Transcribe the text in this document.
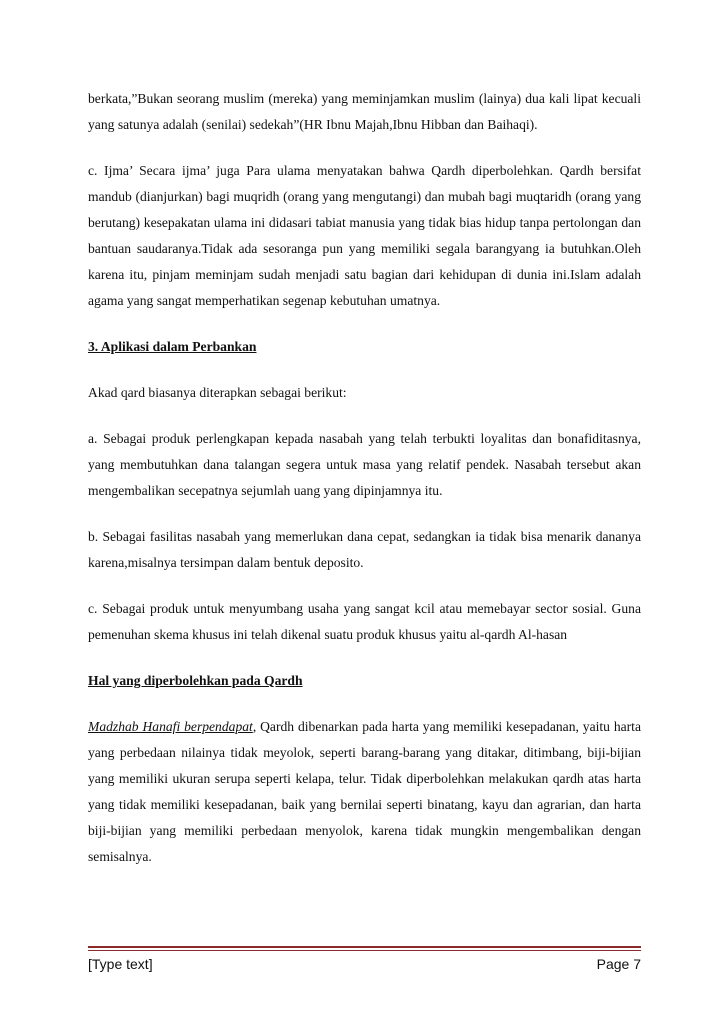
berkata,”Bukan seorang muslim (mereka) yang meminjamkan muslim (lainya) dua kali lipat kecuali yang satunya adalah (senilai) sedekah”(HR Ibnu Majah,Ibnu Hibban dan Baihaqi).

c. Ijma’ Secara ijma’ juga Para ulama menyatakan bahwa Qardh diperbolehkan. Qardh bersifat mandub (dianjurkan) bagi muqridh (orang yang mengutangi) dan mubah bagi muqtaridh (orang yang berutang) kesepakatan ulama ini didasari tabiat manusia yang tidak bias hidup tanpa pertolongan dan bantuan saudaranya.Tidak ada sesoranga pun yang memiliki segala barangyang ia butuhkan.Oleh karena itu, pinjam meminjam sudah menjadi satu bagian dari kehidupan di dunia ini.Islam adalah agama yang sangat memperhatikan segenap kebutuhan umatnya.

3. Aplikasi dalam Perbankan

Akad qard biasanya diterapkan sebagai berikut:

a. Sebagai produk perlengkapan kepada nasabah yang telah terbukti loyalitas dan bonafiditasnya, yang membutuhkan dana talangan segera untuk masa yang relatif pendek. Nasabah tersebut akan mengembalikan secepatnya sejumlah uang yang dipinjamnya itu.

b. Sebagai fasilitas nasabah yang memerlukan dana cepat, sedangkan ia tidak bisa menarik dananya karena,misalnya tersimpan dalam bentuk deposito.

c. Sebagai produk untuk menyumbang usaha yang sangat kcil atau memebayar sector sosial. Guna pemenuhan skema khusus ini telah dikenal suatu produk khusus yaitu al-qardh Al-hasan

Hal yang diperbolehkan pada Qardh

Madzhab Hanafi berpendapat, Qardh dibenarkan pada harta yang memiliki kesepadanan, yaitu harta yang perbedaan nilainya tidak meyolok, seperti barang-barang yang ditakar, ditimbang, biji-bijian yang memiliki ukuran serupa seperti kelapa, telur. Tidak diperbolehkan melakukan qardh atas harta yang tidak memiliki kesepadanan, baik yang bernilai seperti binatang, kayu dan agrarian, dan harta biji-bijian yang memiliki perbedaan menyolok, karena tidak mungkin mengembalikan dengan semisalnya.

[Type text]	Page 7
